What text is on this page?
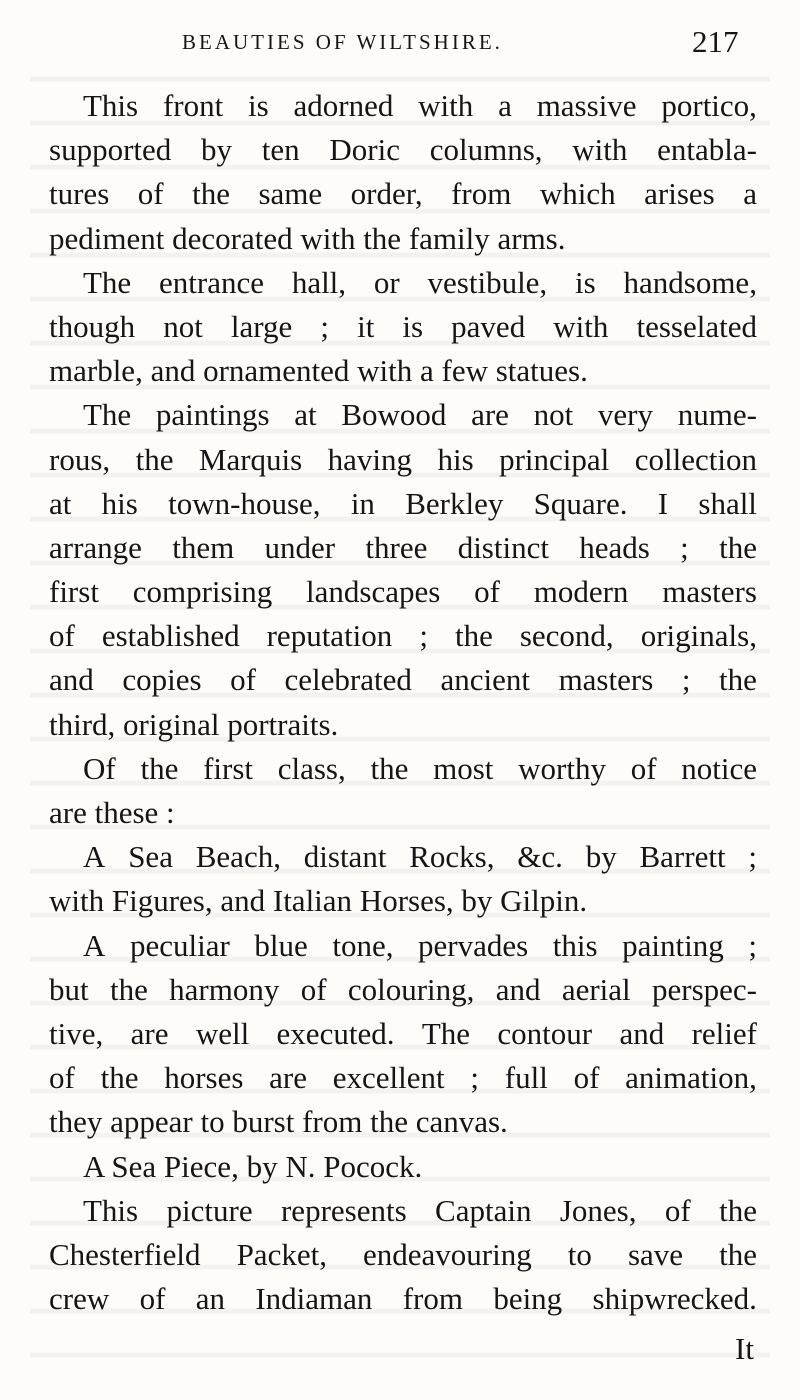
BEAUTIES OF WILTSHIRE.	217
This front is adorned with a massive portico,
supported by ten Doric columns, with entabla-
tures of the same order, from which arises a
pediment decorated with the family arms.
The entrance hall, or vestibule, is handsome,
though not large ; it is paved with tesselated
marble, and ornamented with a few statues.
The paintings at Bowood are not very nume-
rous, the Marquis having his principal collection
at his town-house, in Berkley Square. I shall
arrange them under three distinct heads ; the
first comprising landscapes of modern masters
of established reputation ; the second, originals,
and copies of celebrated ancient masters ; the
third, original portraits.
Of the first class, the most worthy of notice
are these :
A Sea Beach, distant Rocks, &c. by Barrett ;
with Figures, and Italian Horses, by Gilpin.
A peculiar blue tone, pervades this painting ;
but the harmony of colouring, and aerial perspec-
tive, are well executed. The contour and relief
of the horses are excellent ; full of animation,
they appear to burst from the canvas.
A Sea Piece, by N. Pocock.
This picture represents Captain Jones, of the
Chesterfield Packet, endeavouring to save the
crew of an Indiaman from being shipwrecked.
It
